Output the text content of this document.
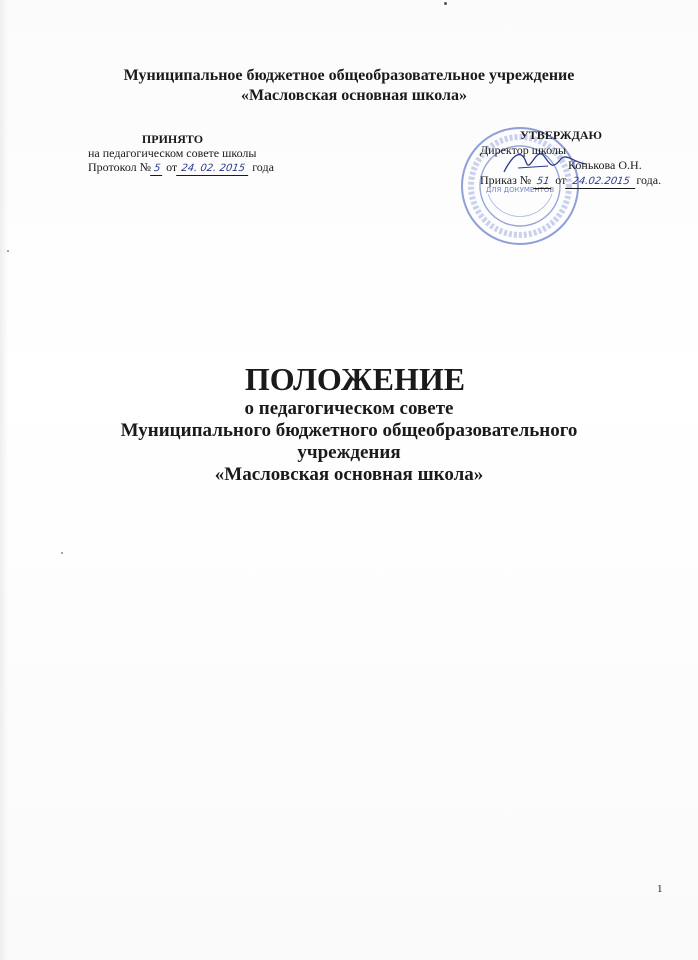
Муниципальное бюджетное общеобразовательное учреждение
«Масловская основная школа»
ПРИНЯТО
на педагогическом совете школы
Протокол № 5 от 24. 02. 2015 года
ДЛЯ ДОКУМЕНТОВ
УТВЕРЖДАЮ
Директор школы
Конькова О.Н.
Приказ № 51 от 24.02.2015 года.
ПОЛОЖЕНИЕ
о педагогическом совете
Муниципального бюджетного общеобразовательного
учреждения
«Масловская основная школа»
1
